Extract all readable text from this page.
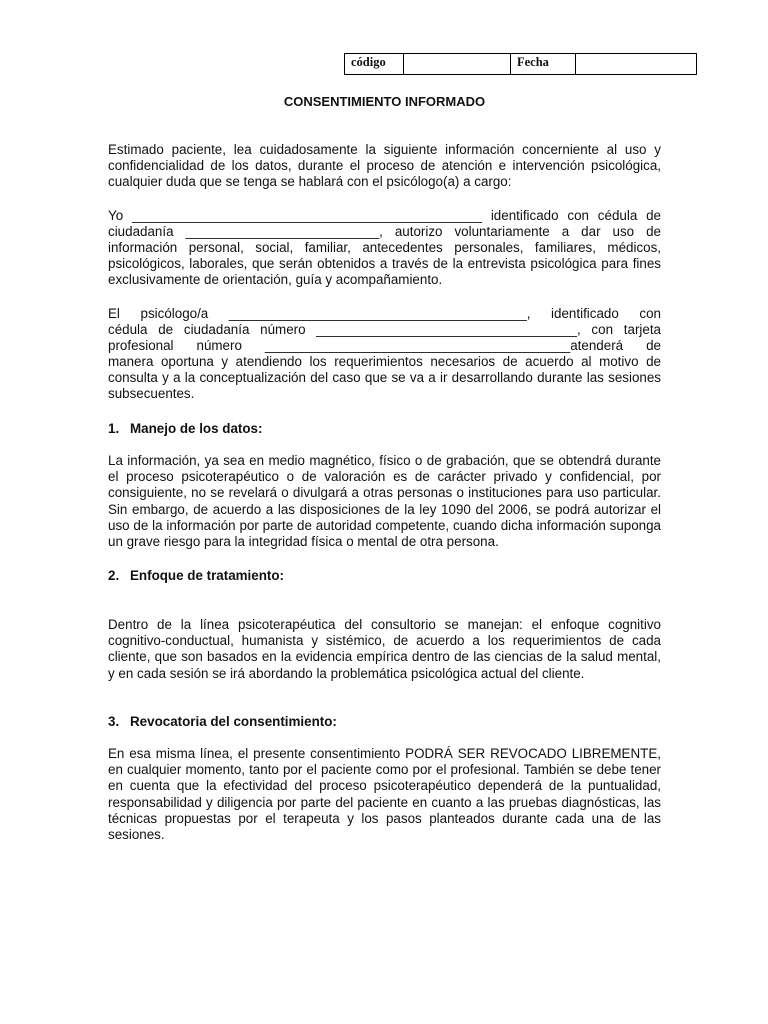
código		Fecha	
CONSENTIMIENTO INFORMADO

Estimado paciente, lea cuidadosamente la siguiente información concerniente al uso y confidencialidad de los datos, durante el proceso de atención e intervención psicológica, cualquier duda que se tenga se hablará con el psicólogo(a) a cargo:

Yo _______________________________________________ identificado con cédula de

ciudadanía __________________________, autorizo voluntariamente a dar uso de

información personal, social, familiar, antecedentes personales, familiares, médicos, psicológicos, laborales, que serán obtenidos a través de la entrevista psicológica para fines exclusivamente de orientación, guía y acompañamiento.

El psicólogo/a ________________________________________, identificado con

cédula de ciudadanía número ___________________________________, con tarjeta

profesional número _________________________________________atenderá de

manera oportuna y atendiendo los requerimientos necesarios de acuerdo al motivo de consulta y a la conceptualización del caso que se va a ir desarrollando durante las sesiones subsecuentes.

1. Manejo de los datos:

La información, ya sea en medio magnético, físico o de grabación, que se obtendrá durante el proceso psicoterapéutico o de valoración es de carácter privado y confidencial, por consiguiente, no se revelará o divulgará a otras personas o instituciones para uso particular. Sin embargo, de acuerdo a las disposiciones de la ley 1090 del 2006, se podrá autorizar el uso de la información por parte de autoridad competente, cuando dicha información suponga un grave riesgo para la integridad física o mental de otra persona.

2. Enfoque de tratamiento:

Dentro de la línea psicoterapéutica del consultorio se manejan: el enfoque cognitivo cognitivo-conductual, humanista y sistémico, de acuerdo a los requerimientos de cada cliente, que son basados en la evidencia empírica dentro de las ciencias de la salud mental, y en cada sesión se irá abordando la problemática psicológica actual del cliente.

3. Revocatoria del consentimiento:

En esa misma línea, el presente consentimiento PODRÁ SER REVOCADO LIBREMENTE, en cualquier momento, tanto por el paciente como por el profesional. También se debe tener en cuenta que la efectividad del proceso psicoterapéutico dependerá de la puntualidad, responsabilidad y diligencia por parte del paciente en cuanto a las pruebas diagnósticas, las técnicas propuestas por el terapeuta y los pasos planteados durante cada una de las sesiones.
